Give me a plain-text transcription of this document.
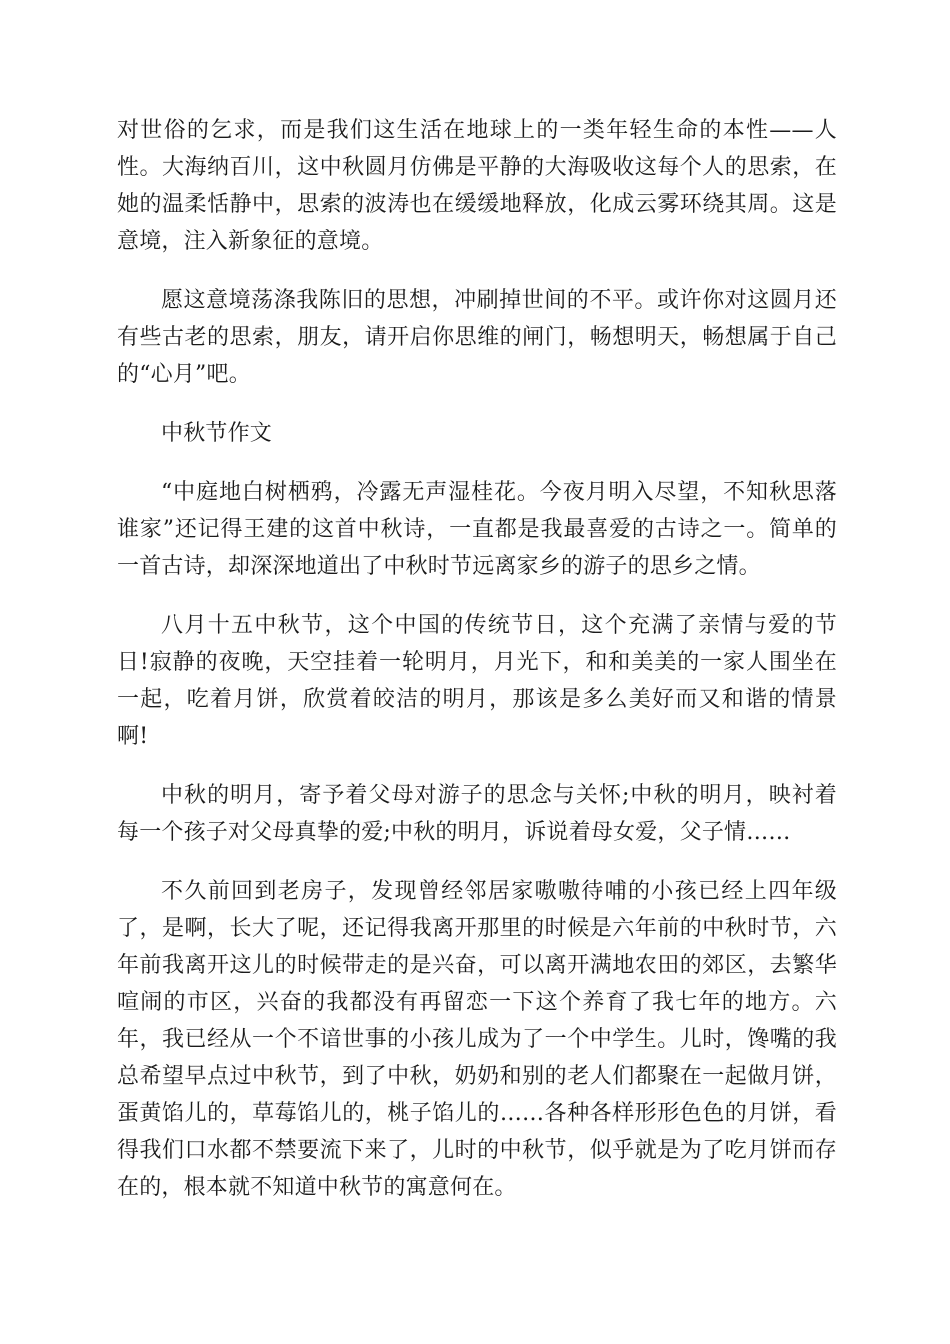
对世俗的乞求，而是我们这生活在地球上的一类年轻生命的本性——人
性。大海纳百川，这中秋圆月仿佛是平静的大海吸收这每个人的思索，在
她的温柔恬静中，思索的波涛也在缓缓地释放，化成云雾环绕其周。这是
意境，注入新象征的意境。
愿这意境荡涤我陈旧的思想，冲刷掉世间的不平。或许你对这圆月还
有些古老的思索，朋友，请开启你思维的闸门，畅想明天，畅想属于自己
的“心月”吧。
中秋节作文
“中庭地白树栖鸦，冷露无声湿桂花。今夜月明入尽望，不知秋思落
谁家”还记得王建的这首中秋诗，一直都是我最喜爱的古诗之一。简单的
一首古诗，却深深地道出了中秋时节远离家乡的游子的思乡之情。
八月十五中秋节，这个中国的传统节日，这个充满了亲情与爱的节
日!寂静的夜晚，天空挂着一轮明月，月光下，和和美美的一家人围坐在
一起，吃着月饼，欣赏着皎洁的明月，那该是多么美好而又和谐的情景
啊!
中秋的明月，寄予着父母对游子的思念与关怀;中秋的明月，映衬着
每一个孩子对父母真挚的爱;中秋的明月，诉说着母女爱，父子情……
不久前回到老房子，发现曾经邻居家嗷嗷待哺的小孩已经上四年级
了，是啊，长大了呢，还记得我离开那里的时候是六年前的中秋时节，六
年前我离开这儿的时候带走的是兴奋，可以离开满地农田的郊区，去繁华
喧闹的市区，兴奋的我都没有再留恋一下这个养育了我七年的地方。六
年，我已经从一个不谙世事的小孩儿成为了一个中学生。儿时，馋嘴的我
总希望早点过中秋节，到了中秋，奶奶和别的老人们都聚在一起做月饼，
蛋黄馅儿的，草莓馅儿的，桃子馅儿的……各种各样形形色色的月饼，看
得我们口水都不禁要流下来了，儿时的中秋节，似乎就是为了吃月饼而存
在的，根本就不知道中秋节的寓意何在。
